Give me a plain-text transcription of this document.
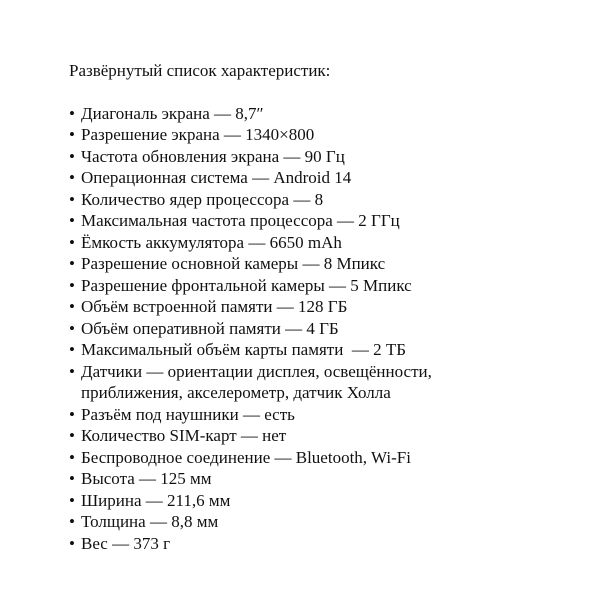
Развёрнутый список характеристик:

• Диагональ экрана — 8,7″
• Разрешение экрана — 1340×800
• Частота обновления экрана — 90 Гц
• Операционная система — Android 14
• Количество ядер процессора — 8
• Максимальная частота процессора — 2 ГГц
• Ёмкость аккумулятора — 6650 mAh
• Разрешение основной камеры — 8 Мпикс
• Разрешение фронтальной камеры — 5 Мпикс
• Объём встроенной памяти — 128 ГБ
• Объём оперативной памяти — 4 ГБ
• Максимальный объём карты памяти  — 2 ТБ
• Датчики — ориентации дисплея, освещённости,
приближения, акселерометр, датчик Холла
• Разъём под наушники — есть
• Количество SIM-карт — нет
• Беспроводное соединение — Bluetooth, Wi-Fi
• Высота — 125 мм
• Ширина — 211,6 мм
• Толщина — 8,8 мм
• Вес — 373 г
